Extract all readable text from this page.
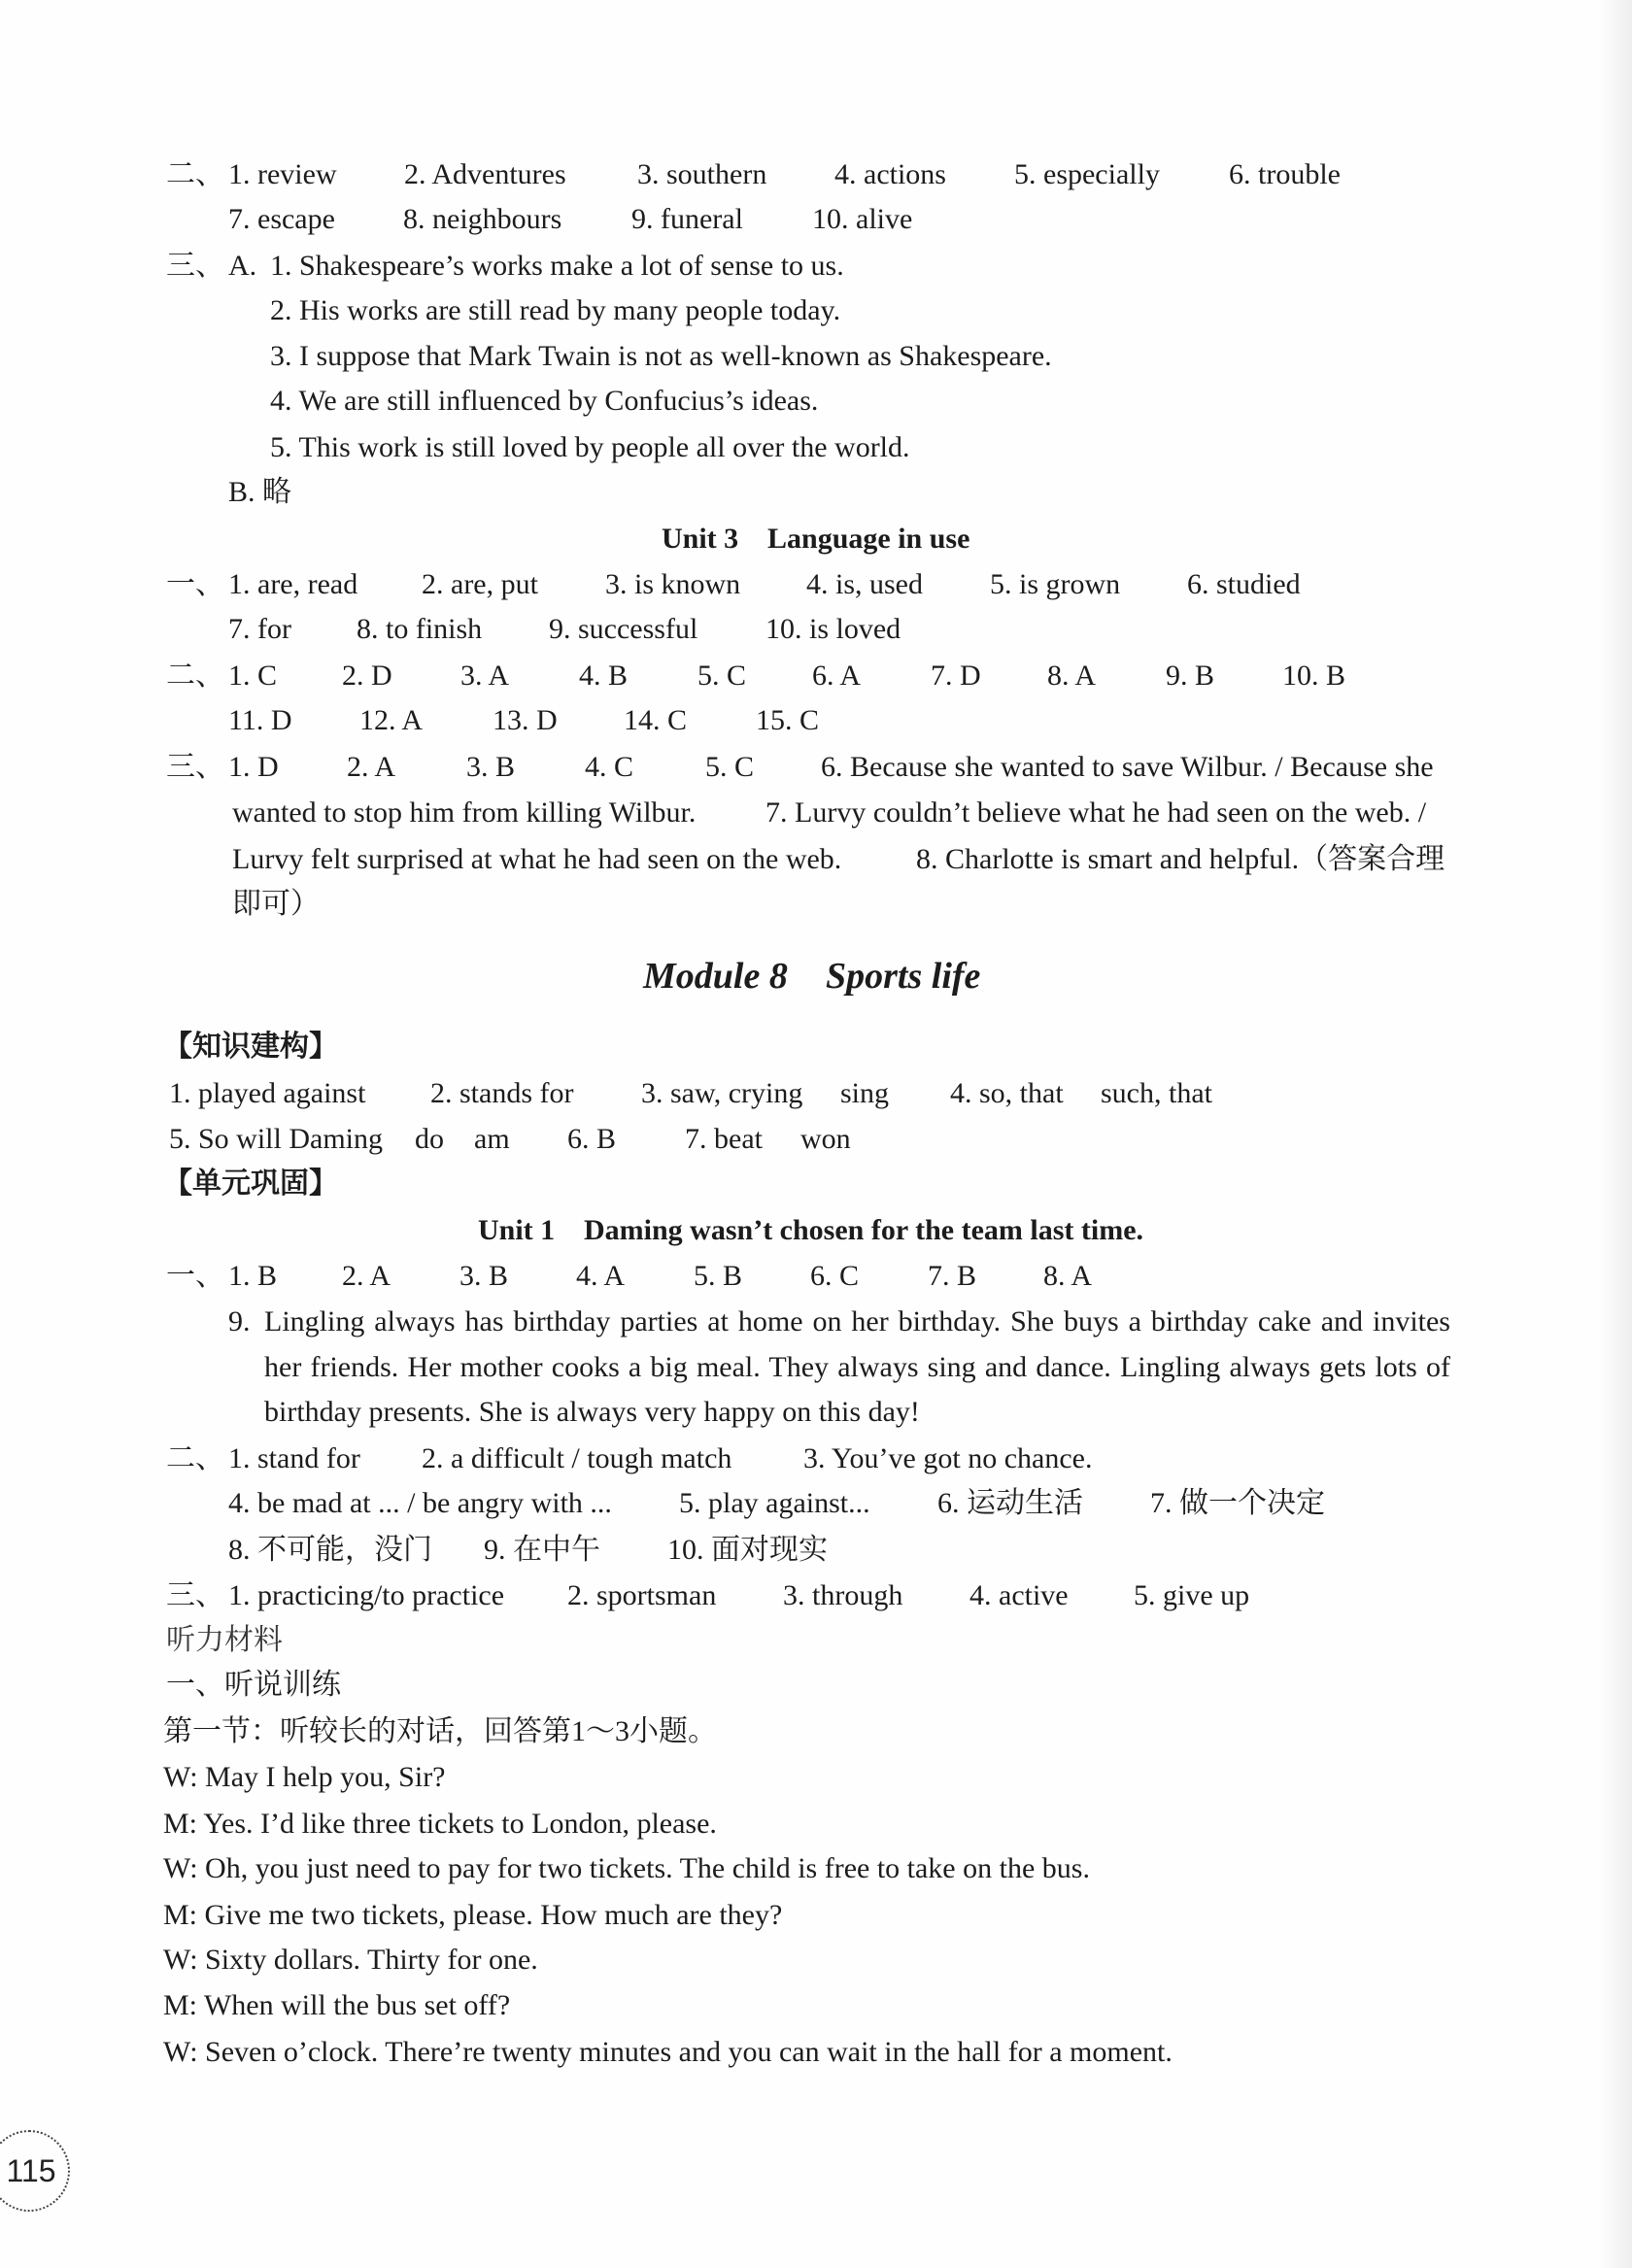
二、 1. review 2. Adventures 3. southern 4. actions 5. especially 6. trouble
7. escape 8. neighbours 9. funeral 10. alive
三、 A. 1. Shakespeare’s works make a lot of sense to us.
2. His works are still read by many people today.
3. I suppose that Mark Twain is not as well-known as Shakespeare.
4. We are still influenced by Confucius’s ideas.
5. This work is still loved by people all over the world.
B. 略
Unit 3 Language in use
一、 1. are, read 2. are, put 3. is known 4. is, used 5. is grown 6. studied
7. for 8. to finish 9. successful 10. is loved
二、 1. C 2. D 3. A 4. B 5. C 6. A 7. D 8. A 9. B 10. B
11. D 12. A 13. D 14. C 15. C
三、 1. D 2. A 3. B 4. C 5. C 6. Because she wanted to save Wilbur. / Because she
wanted to stop him from killing Wilbur. 7. Lurvy couldn’t believe what he had seen on the web. /
Lurvy felt surprised at what he had seen on the web.	8. Charlotte is smart and helpful.（答案合理
即可）
Module 8 Sports life
【知识建构】
1. played against 2. stands for 3. saw, crying sing 4. so, that such, that
5. So will Daming do am 6. B 7. beat won
【单元巩固】
Unit 1 Daming wasn’t chosen for the team last time.
一、 1. B 2. A 3. B 4. A 5. B 6. C 7. B 8. A
9. Lingling always has birthday parties at home on her birthday. She buys a birthday cake and invites
her friends. Her mother cooks a big meal. They always sing and dance. Lingling always gets lots of
birthday presents. She is always very happy on this day!
二、 1. stand for 2. a difficult / tough match 3. You’ve got no chance.
4. be mad at ... / be angry with ... 5. play against... 6. 运动生活 7. 做一个决定
8. 不可能，没门 9. 在中午 10. 面对现实
三、 1. practicing/to practice 2. sportsman 3. through 4. active 5. give up
听力材料
一、听说训练
第一节：听较长的对话，回答第1～3小题。
W: May I help you, Sir?
M: Yes. I’d like three tickets to London, please.
W: Oh, you just need to pay for two tickets. The child is free to take on the bus.
M: Give me two tickets, please. How much are they?
W: Sixty dollars. Thirty for one.
M: When will the bus set off?
W: Seven o’clock. There’re twenty minutes and you can wait in the hall for a moment.
115
